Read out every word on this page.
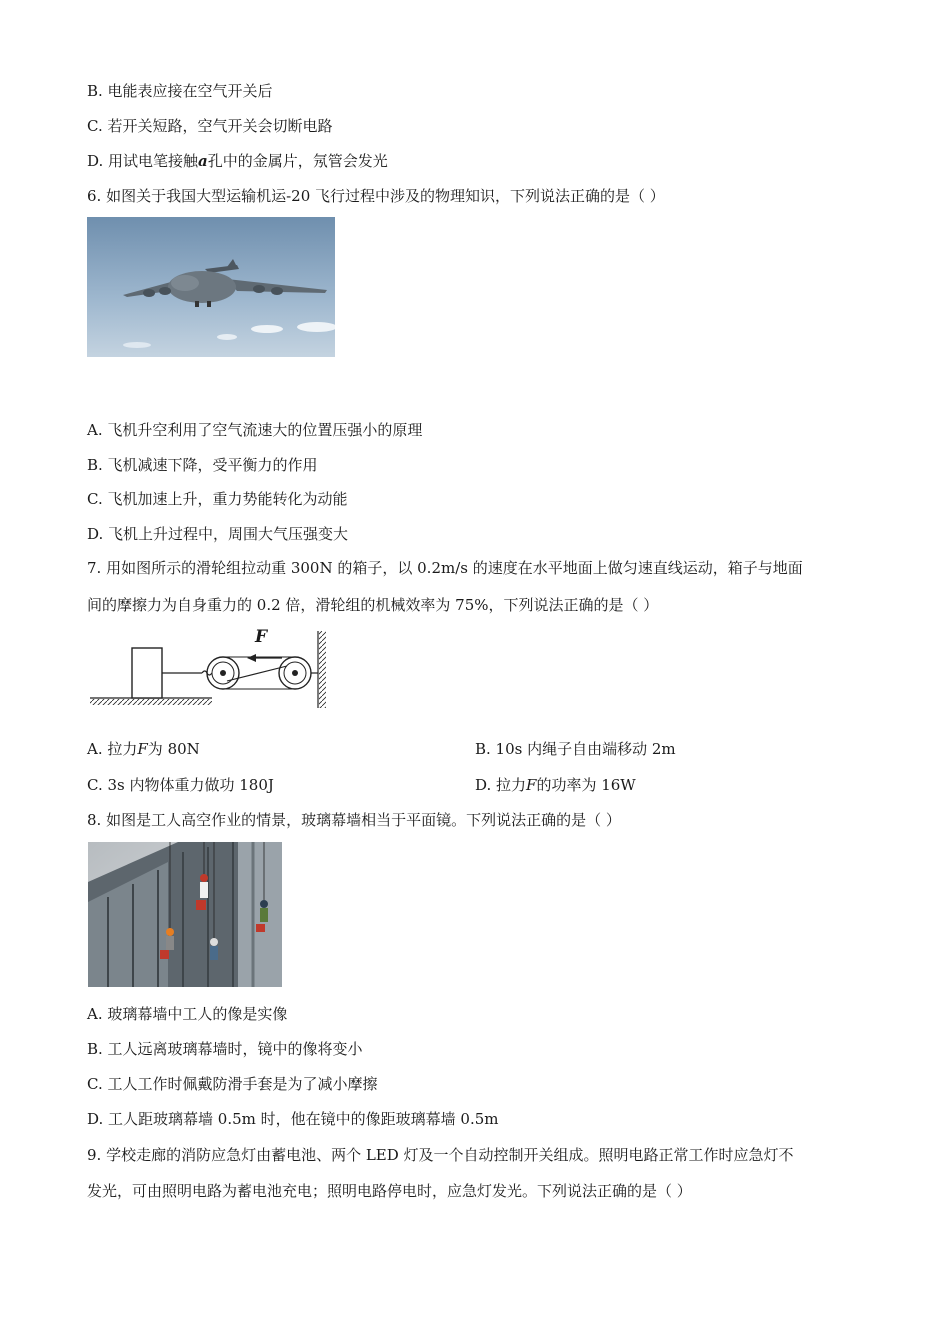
B. 电能表应接在空气开关后
C. 若开关短路，空气开关会切断电路
D. 用试电笔接触a孔中的金属片，氖管会发光
6. 如图关于我国大型运输机运-20 飞行过程中涉及的物理知识，下列说法正确的是（ ）
A. 飞机升空利用了空气流速大的位置压强小的原理
B. 飞机减速下降，受平衡力的作用
C. 飞机加速上升，重力势能转化为动能
D. 飞机上升过程中，周围大气压强变大
7. 用如图所示的滑轮组拉动重 300N 的箱子，以 0.2m/s 的速度在水平地面上做匀速直线运动，箱子与地面
间的摩擦力为自身重力的 0.2 倍，滑轮组的机械效率为 75%，下列说法正确的是（ ）
F
A. 拉力F为 80N	B. 10s 内绳子自由端移动 2m
C. 3s 内物体重力做功 180J	D. 拉力F的功率为 16W
8. 如图是工人高空作业的情景，玻璃幕墙相当于平面镜。下列说法正确的是（ ）
A. 玻璃幕墙中工人的像是实像
B. 工人远离玻璃幕墙时，镜中的像将变小
C. 工人工作时佩戴防滑手套是为了减小摩擦
D. 工人距玻璃幕墙 0.5m 时，他在镜中的像距玻璃幕墙 0.5m
9. 学校走廊的消防应急灯由蓄电池、两个 LED 灯及一个自动控制开关组成。照明电路正常工作时应急灯不
发光，可由照明电路为蓄电池充电；照明电路停电时，应急灯发光。下列说法正确的是（ ）
